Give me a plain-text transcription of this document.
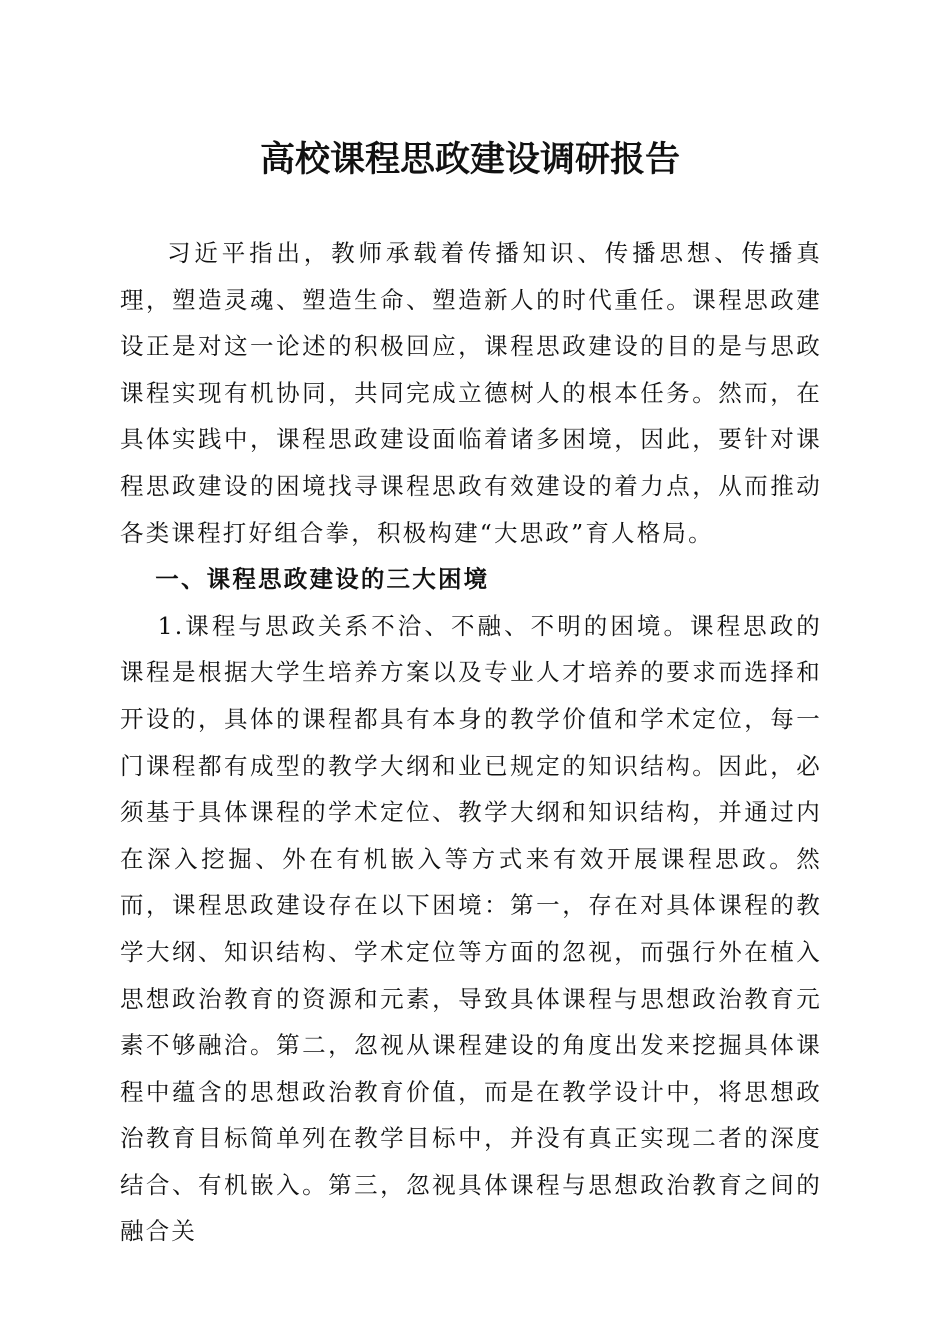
高校课程思政建设调研报告

习近平指出，教师承载着传播知识、传播思想、传播真理，塑造灵魂、塑造生命、塑造新人的时代重任。课程思政建设正是对这一论述的积极回应，课程思政建设的目的是与思政课程实现有机协同，共同完成立德树人的根本任务。然而，在具体实践中，课程思政建设面临着诸多困境，因此，要针对课程思政建设的困境找寻课程思政有效建设的着力点，从而推动各类课程打好组合拳，积极构建“大思政”育人格局。

一、课程思政建设的三大困境

1.课程与思政关系不洽、不融、不明的困境。课程思政的课程是根据大学生培养方案以及专业人才培养的要求而选择和开设的，具体的课程都具有本身的教学价值和学术定位，每一门课程都有成型的教学大纲和业已规定的知识结构。因此，必须基于具体课程的学术定位、教学大纲和知识结构，并通过内在深入挖掘、外在有机嵌入等方式来有效开展课程思政。然而，课程思政建设存在以下困境：第一，存在对具体课程的教学大纲、知识结构、学术定位等方面的忽视，而强行外在植入思想政治教育的资源和元素，导致具体课程与思想政治教育元素不够融洽。第二，忽视从课程建设的角度出发来挖掘具体课程中蕴含的思想政治教育价值，而是在教学设计中，将思想政治教育目标简单列在教学目标中，并没有真正实现二者的深度结合、有机嵌入。第三，忽视具体课程与思想政治教育之间的融合关
